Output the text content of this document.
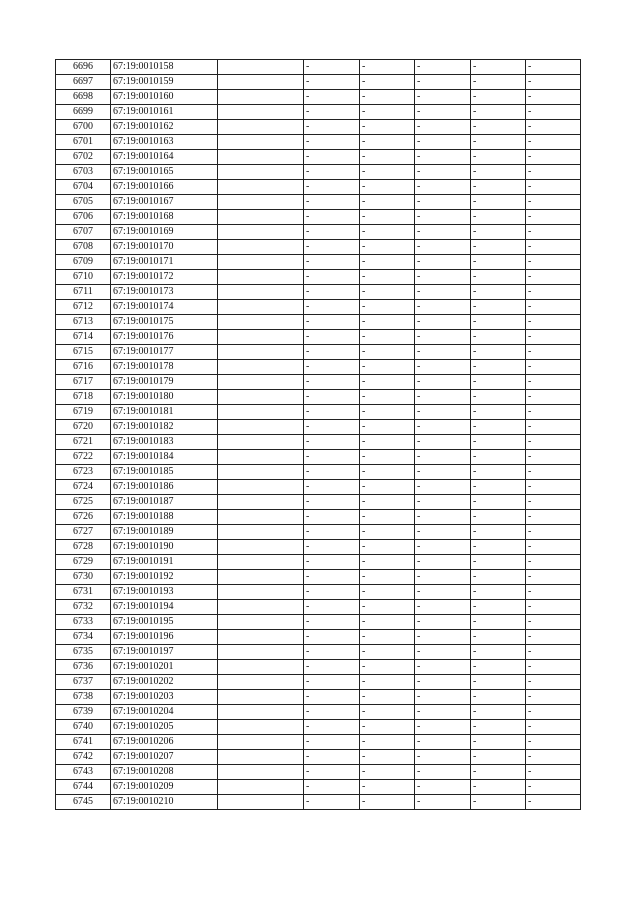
6696	67:19:0010158		-	-	-	-	-
6697	67:19:0010159		-	-	-	-	-
6698	67:19:0010160		-	-	-	-	-
6699	67:19:0010161		-	-	-	-	-
6700	67:19:0010162		-	-	-	-	-
6701	67:19:0010163		-	-	-	-	-
6702	67:19:0010164		-	-	-	-	-
6703	67:19:0010165		-	-	-	-	-
6704	67:19:0010166		-	-	-	-	-
6705	67:19:0010167		-	-	-	-	-
6706	67:19:0010168		-	-	-	-	-
6707	67:19:0010169		-	-	-	-	-
6708	67:19:0010170		-	-	-	-	-
6709	67:19:0010171		-	-	-	-	-
6710	67:19:0010172		-	-	-	-	-
6711	67:19:0010173		-	-	-	-	-
6712	67:19:0010174		-	-	-	-	-
6713	67:19:0010175		-	-	-	-	-
6714	67:19:0010176		-	-	-	-	-
6715	67:19:0010177		-	-	-	-	-
6716	67:19:0010178		-	-	-	-	-
6717	67:19:0010179		-	-	-	-	-
6718	67:19:0010180		-	-	-	-	-
6719	67:19:0010181		-	-	-	-	-
6720	67:19:0010182		-	-	-	-	-
6721	67:19:0010183		-	-	-	-	-
6722	67:19:0010184		-	-	-	-	-
6723	67:19:0010185		-	-	-	-	-
6724	67:19:0010186		-	-	-	-	-
6725	67:19:0010187		-	-	-	-	-
6726	67:19:0010188		-	-	-	-	-
6727	67:19:0010189		-	-	-	-	-
6728	67:19:0010190		-	-	-	-	-
6729	67:19:0010191		-	-	-	-	-
6730	67:19:0010192		-	-	-	-	-
6731	67:19:0010193		-	-	-	-	-
6732	67:19:0010194		-	-	-	-	-
6733	67:19:0010195		-	-	-	-	-
6734	67:19:0010196		-	-	-	-	-
6735	67:19:0010197		-	-	-	-	-
6736	67:19:0010201		-	-	-	-	-
6737	67:19:0010202		-	-	-	-	-
6738	67:19:0010203		-	-	-	-	-
6739	67:19:0010204		-	-	-	-	-
6740	67:19:0010205		-	-	-	-	-
6741	67:19:0010206		-	-	-	-	-
6742	67:19:0010207		-	-	-	-	-
6743	67:19:0010208		-	-	-	-	-
6744	67:19:0010209		-	-	-	-	-
6745	67:19:0010210		-	-	-	-	-
